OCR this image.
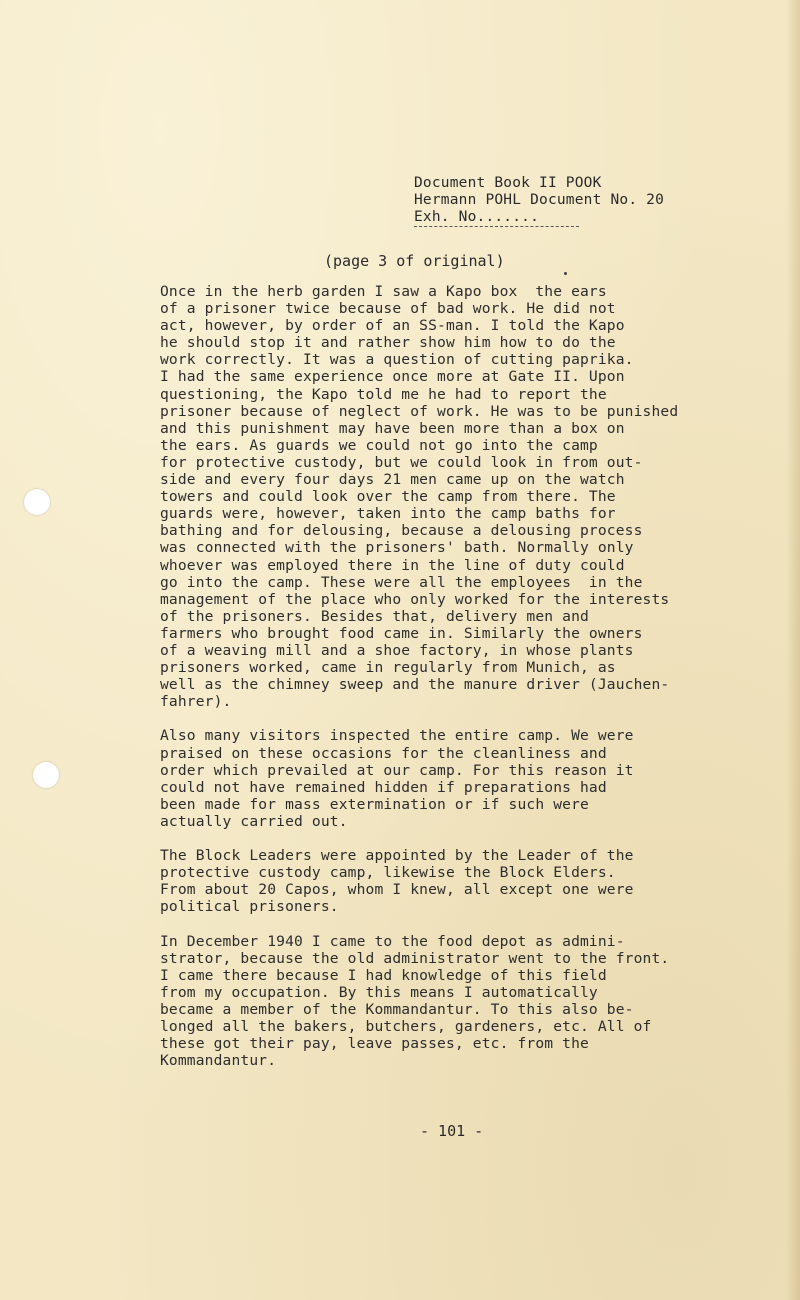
Document Book II POOK
Hermann POHL Document No. 20
Exh. No.......
(page 3 of original)

Once in the herb garden I saw a Kapo box  the ears
of a prisoner twice because of bad work. He did not
act, however, by order of an SS-man. I told the Kapo
he should stop it and rather show him how to do the
work correctly. It was a question of cutting paprika.
I had the same experience once more at Gate II. Upon
questioning, the Kapo told me he had to report the
prisoner because of neglect of work. He was to be punished
and this punishment may have been more than a box on
the ears. As guards we could not go into the camp
for protective custody, but we could look in from out-
side and every four days 21 men came up on the watch
towers and could look over the camp from there. The
guards were, however, taken into the camp baths for
bathing and for delousing, because a delousing process
was connected with the prisoners' bath. Normally only
whoever was employed there in the line of duty could
go into the camp. These were all the employees  in the
management of the place who only worked for the interests
of the prisoners. Besides that, delivery men and
farmers who brought food came in. Similarly the owners
of a weaving mill and a shoe factory, in whose plants
prisoners worked, came in regularly from Munich, as
well as the chimney sweep and the manure driver (Jauchen-
fahrer).

Also many visitors inspected the entire camp. We were
praised on these occasions for the cleanliness and
order which prevailed at our camp. For this reason it
could not have remained hidden if preparations had
been made for mass extermination or if such were
actually carried out.

The Block Leaders were appointed by the Leader of the
protective custody camp, likewise the Block Elders.
From about 20 Capos, whom I knew, all except one were
political prisoners.

In December 1940 I came to the food depot as admini-
strator, because the old administrator went to the front.
I came there because I had knowledge of this field
from my occupation. By this means I automatically
became a member of the Kommandantur. To this also be-
longed all the bakers, butchers, gardeners, etc. All of
these got their pay, leave passes, etc. from the
Kommandantur.

- 101 -
